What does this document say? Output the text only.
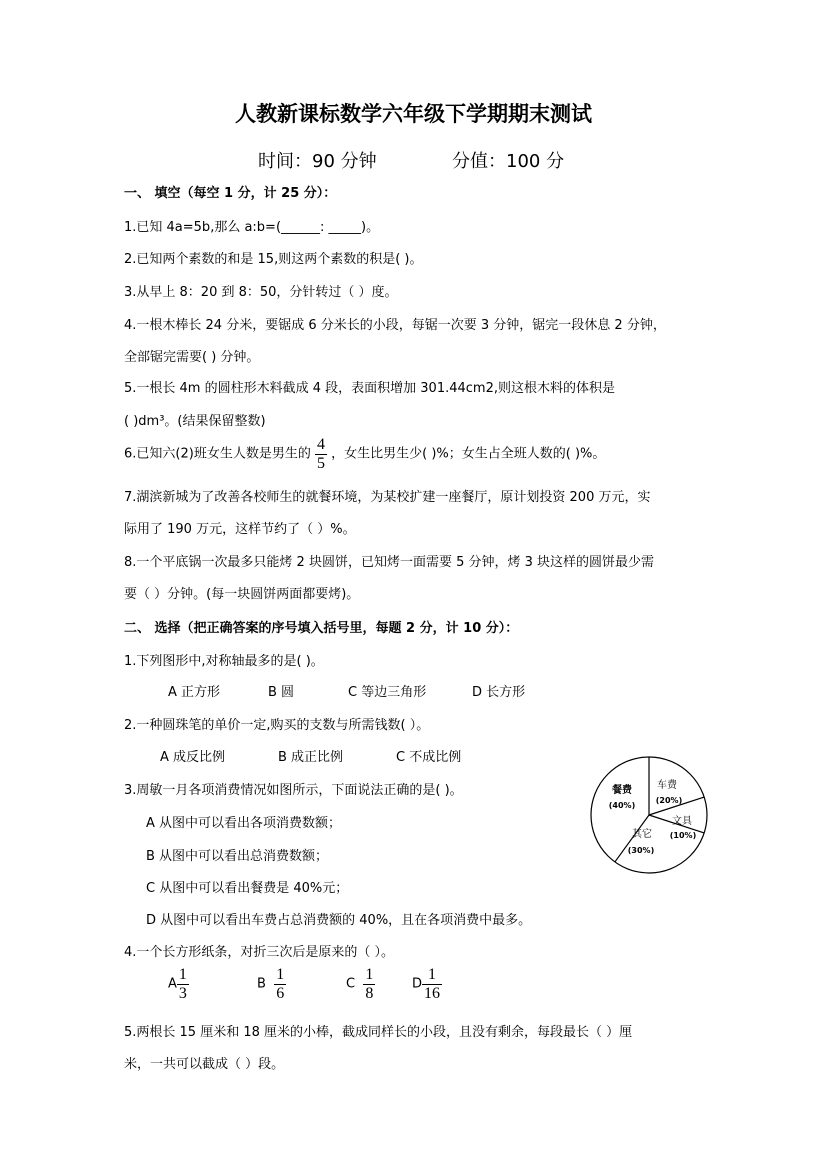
人教新课标数学六年级下学期期末测试
时间：90 分钟	分值：100 分
一、 填空（每空 1 分，计 25 分）：
1.已知 4a=5b,那么 a:b=(______: _____)。
2.已知两个素数的和是 15,则这两个素数的积是( )。
3.从早上 8：20 到 8：50，分针转过（ ）度。
4.一根木棒长 24 分米，要锯成 6 分米长的小段，每锯一次要 3 分钟，锯完一段休息 2 分钟，
全部锯完需要( ) 分钟。
5.一根长 4m 的圆柱形木料截成 4 段，表面积增加 301.44cm2,则这根木料的体积是
( )dm³。(结果保留整数)
6.已知六(2)班女生人数是男生的 $\frac{4}{5}$ ，女生比男生少( )%；女生占全班人数的( )%。
7.湖滨新城为了改善各校师生的就餐环境，为某校扩建一座餐厅，原计划投资 200 万元，实
际用了 190 万元，这样节约了（ ）%。
8.一个平底锅一次最多只能烤 2 块圆饼，已知烤一面需要 5 分钟，烤 3 块这样的圆饼最少需
要（ ）分钟。(每一块圆饼两面都要烤)。
二、 选择（把正确答案的序号填入括号里，每题 2 分，计 10 分）：
1.下列图形中,对称轴最多的是( )。
A 正方形	B 圆	C 等边三角形	D 长方形
2.一种圆珠笔的单价一定,购买的支数与所需钱数( ）。
A 成反比例	B 成正比例	C 不成比例
3.周敏一月各项消费情况如图所示，下面说法正确的是( )。
A 从图中可以看出各项消费数额；
B 从图中可以看出总消费数额；
C 从图中可以看出餐费是 40%元；
D 从图中可以看出车费占总消费额的 40%，且在各项消费中最多。
车费
(20%)
文具
(10%)
其它
(30%)
餐费
(40%)
4.一个长方形纸条，对折三次后是原来的（ ）。
A $\frac{1}{3}$	B $\frac{1}{6}$	C $\frac{1}{8}$	D $\frac{1}{16}$
5.两根长 15 厘米和 18 厘米的小棒，截成同样长的小段，且没有剩余，每段最长（ ）厘
米，一共可以截成（ ）段。
